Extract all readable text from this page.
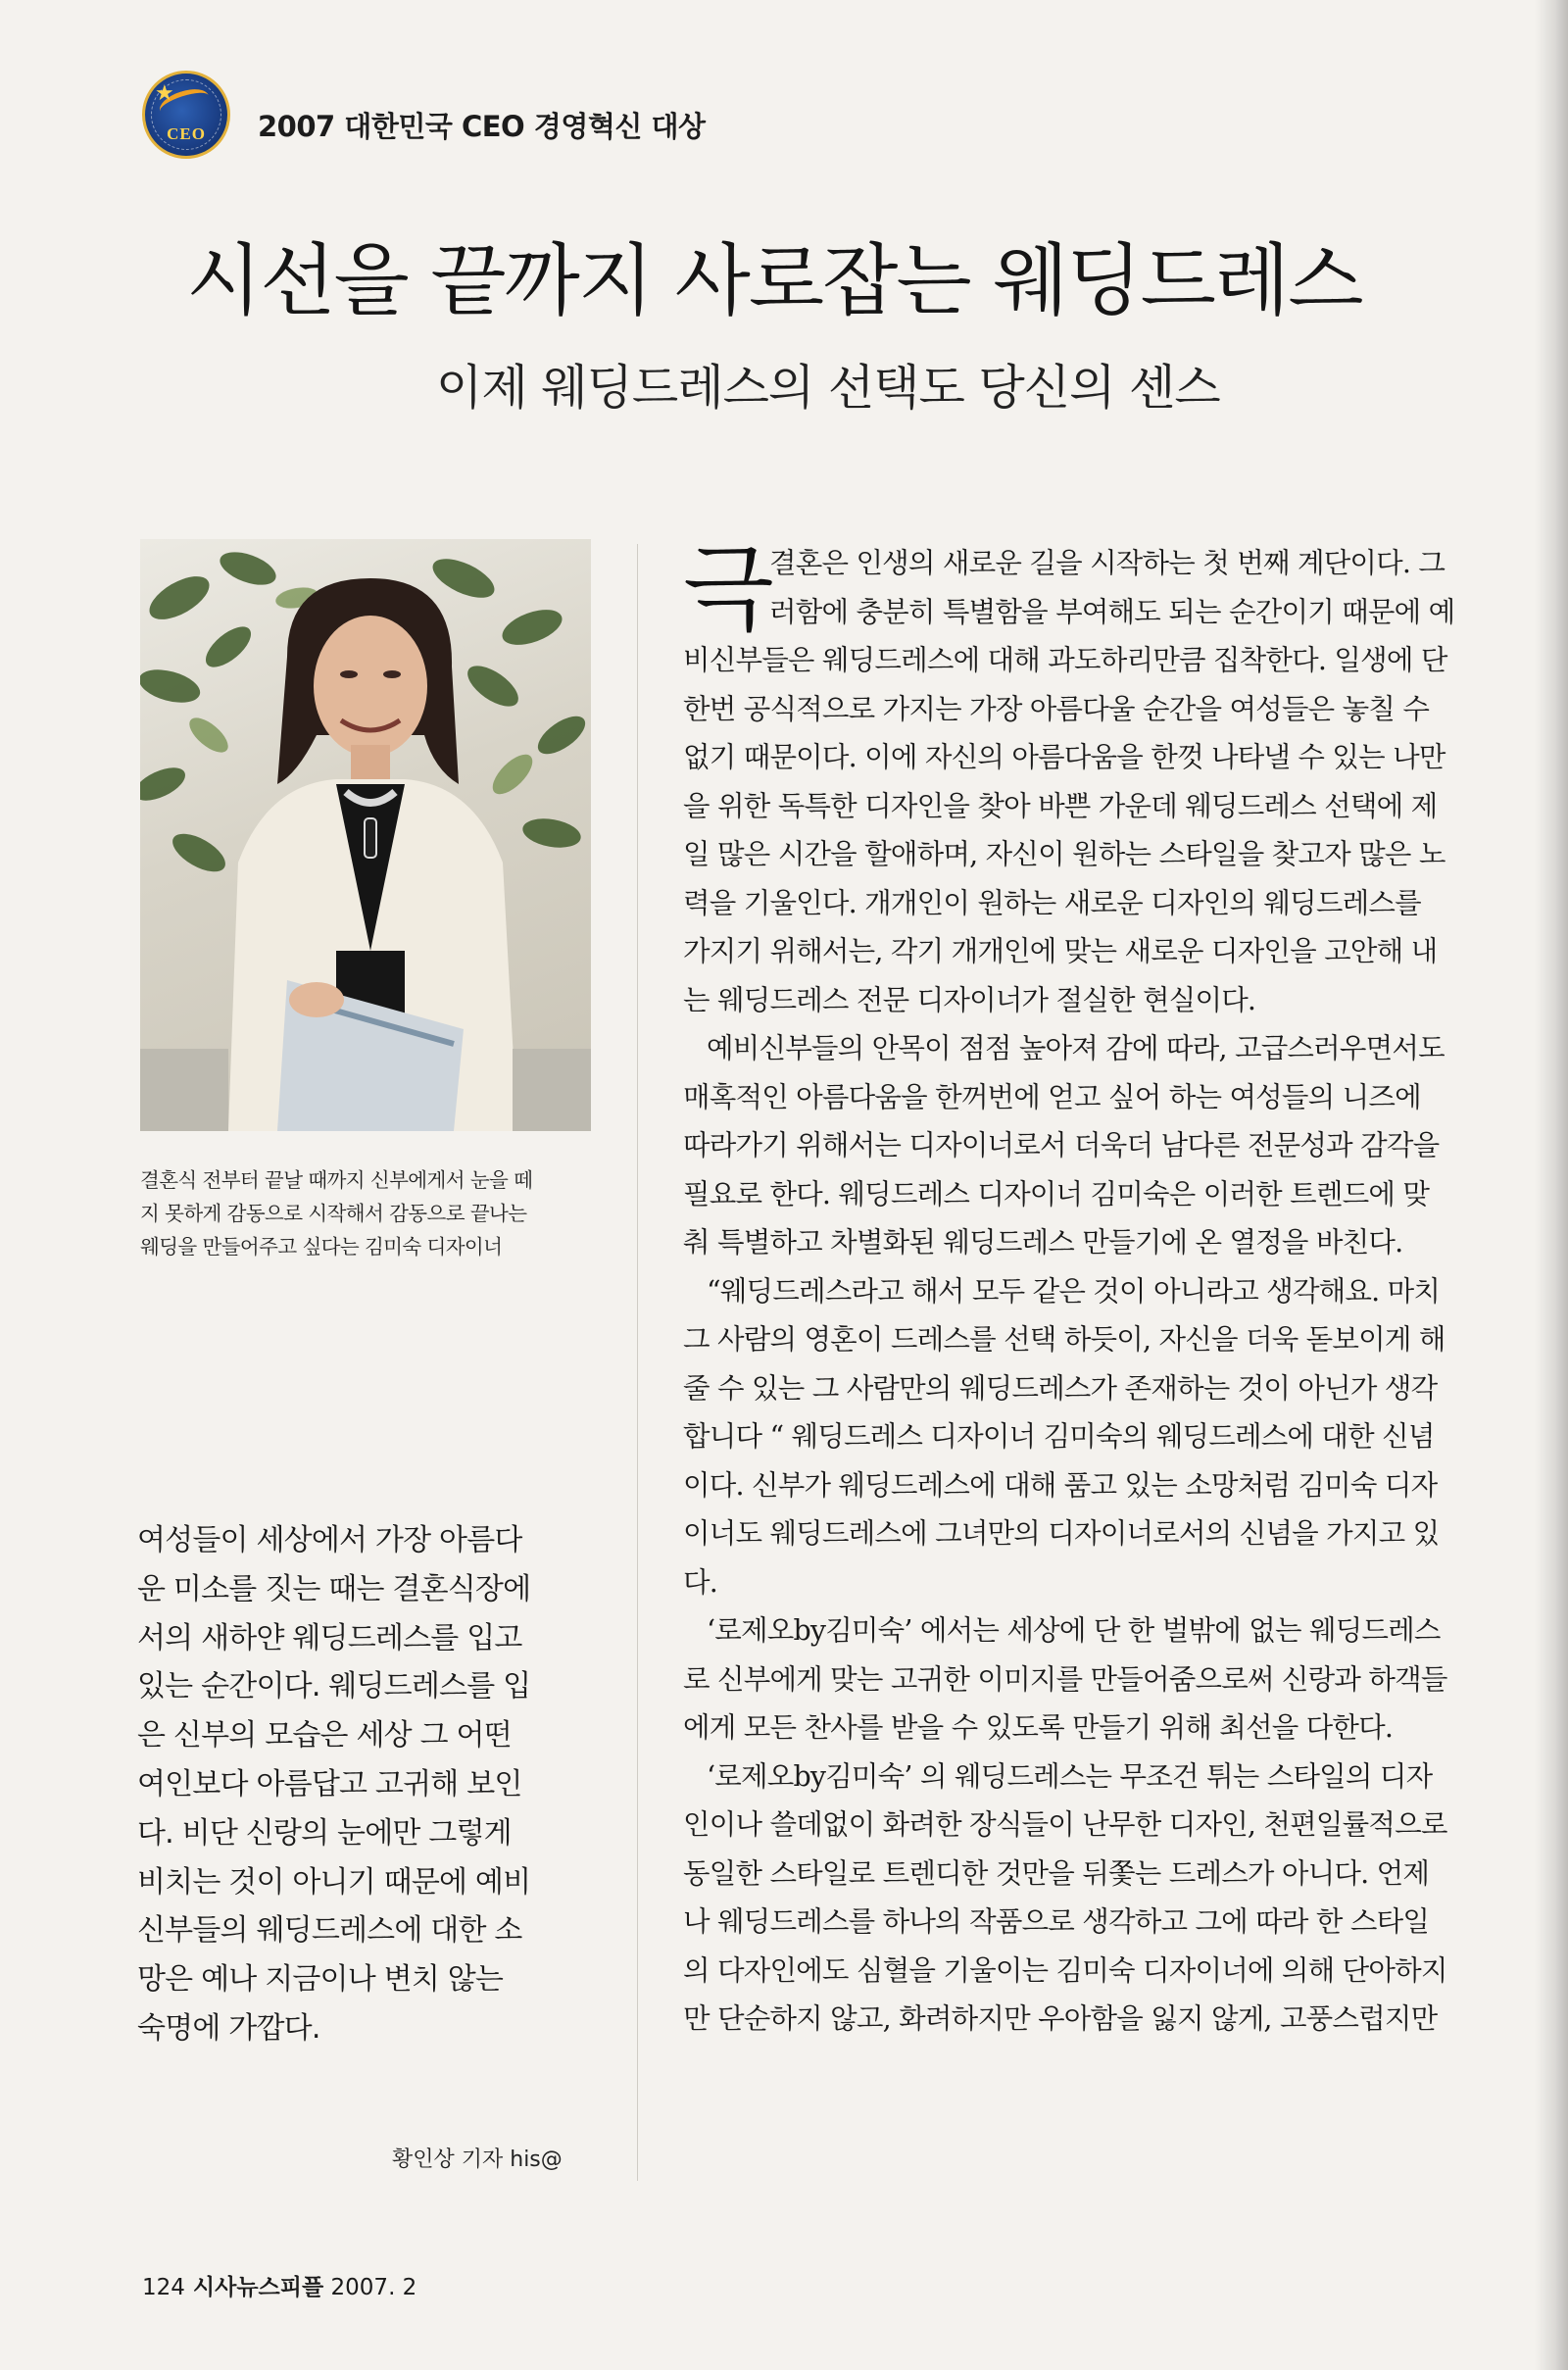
★
CEO	2007 대한민국 CEO 경영혁신 대상
시선을 끝까지 사로잡는 웨딩드레스
이제 웨딩드레스의 선택도 당신의 센스
결혼식 전부터 끝날 때까지 신부에게서 눈을 떼
지 못하게 감동으로 시작해서 감동으로 끝나는
웨딩을 만들어주고 싶다는 김미숙 디자이너
여성들이 세상에서 가장 아름다
운 미소를 짓는 때는 결혼식장에
서의 새하얀 웨딩드레스를 입고
있는 순간이다. 웨딩드레스를 입
은 신부의 모습은 세상 그 어떤
여인보다 아름답고 고귀해 보인
다. 비단 신랑의 눈에만 그렇게
비치는 것이 아니기 때문에 예비
신부들의 웨딩드레스에 대한 소
망은 예나 지금이나 변치 않는
숙명에 가깝다.
황인상 기자 his@
극
결혼은 인생의 새로운 길을 시작하는 첫 번째 계단이다. 그
러함에 충분히 특별함을 부여해도 되는 순간이기 때문에 예
비신부들은 웨딩드레스에 대해 과도하리만큼 집착한다. 일생에 단
한번 공식적으로 가지는 가장 아름다울 순간을 여성들은 놓칠 수
없기 때문이다. 이에 자신의 아름다움을 한껏 나타낼 수 있는 나만
을 위한 독특한 디자인을 찾아 바쁜 가운데 웨딩드레스 선택에 제
일 많은 시간을 할애하며, 자신이 원하는 스타일을 찾고자 많은 노
력을 기울인다. 개개인이 원하는 새로운 디자인의 웨딩드레스를
가지기 위해서는, 각기 개개인에 맞는 새로운 디자인을 고안해 내
는 웨딩드레스 전문 디자이너가 절실한 현실이다.
예비신부들의 안목이 점점 높아져 감에 따라, 고급스러우면서도
매혹적인 아름다움을 한꺼번에 얻고 싶어 하는 여성들의 니즈에
따라가기 위해서는 디자이너로서 더욱더 남다른 전문성과 감각을
필요로 한다. 웨딩드레스 디자이너 김미숙은 이러한 트렌드에 맞
춰 특별하고 차별화된 웨딩드레스 만들기에 온 열정을 바친다.
“웨딩드레스라고 해서 모두 같은 것이 아니라고 생각해요. 마치
그 사람의 영혼이 드레스를 선택 하듯이, 자신을 더욱 돋보이게 해
줄 수 있는 그 사람만의 웨딩드레스가 존재하는 것이 아닌가 생각
합니다 “ 웨딩드레스 디자이너 김미숙의 웨딩드레스에 대한 신념
이다. 신부가 웨딩드레스에 대해 품고 있는 소망처럼 김미숙 디자
이너도 웨딩드레스에 그녀만의 디자이너로서의 신념을 가지고 있
다.
‘로제오by김미숙’ 에서는 세상에 단 한 벌밖에 없는 웨딩드레스
로 신부에게 맞는 고귀한 이미지를 만들어줌으로써 신랑과 하객들
에게 모든 찬사를 받을 수 있도록 만들기 위해 최선을 다한다.
‘로제오by김미숙’ 의 웨딩드레스는 무조건 튀는 스타일의 디자
인이나 쓸데없이 화려한 장식들이 난무한 디자인, 천편일률적으로
동일한 스타일로 트렌디한 것만을 뒤쫓는 드레스가 아니다. 언제
나 웨딩드레스를 하나의 작품으로 생각하고 그에 따라 한 스타일
의 다자인에도 심혈을 기울이는 김미숙 디자이너에 의해 단아하지
만 단순하지 않고, 화려하지만 우아함을 잃지 않게, 고풍스럽지만
124 시사뉴스피플 2007. 2
